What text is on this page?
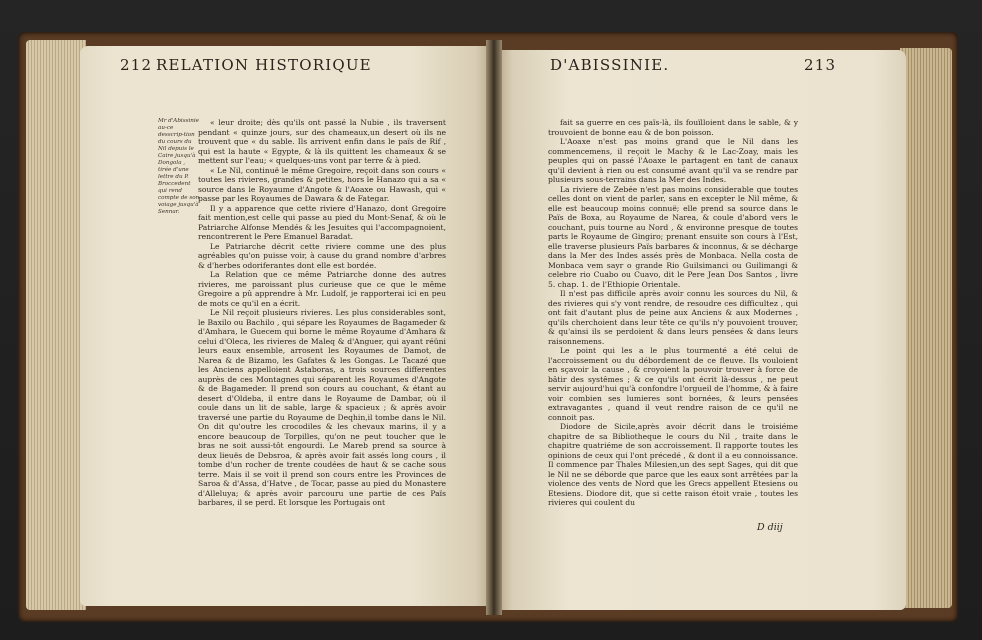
212 RELATION HISTORIQUE	D'ABISSINIE.	213
Mr d'Abissinie au-ce desscrip-tion du cours du Nil depuis le Caire jusqu'à Dongola , tirée d'une lettre du P. Broccedent qui rend compte de son voiage jusqu'à Sennar.

« leur droite; dès qu'ils ont passé la Nubie , ils traversent pendant « quinze jours, sur des chameaux,un desert où ils ne trouvent que « du sable. Ils arrivent enfin dans le païs de Rif , qui est la haute « Egypte, & là ils quittent les chameaux & se mettent sur l'eau; « quelques-uns vont par terre & à pied.

« Le Nil, continuë le même Gregoire, reçoit dans son cours « toutes les rivieres, grandes & petites, hors le Hanazo qui a sa « source dans le Royaume d'Angote & l'Aoaxe ou Hawash, qui « passe par les Royaumes de Dawara & de Fategar.

Il y a apparence que cette riviere d'Hanazo, dont Gregoire fait mention,est celle qui passe au pied du Mont-Senaf, & où le Patriarche Alfonse Mendés & les Jesuites qui l'accompagnoient, rencontrerent le Pere Emanuel Baradat.

Le Patriarche décrit cette riviere comme une des plus agréables qu'on puisse voir, à cause du grand nombre d'arbres & d'herbes odoriferantes dont elle est bordée.

La Relation que ce même Patriarche donne des autres rivieres, me paroissant plus curieuse que ce que le même Gregoire a pû apprendre à Mr. Ludolf, je rapporterai ici en peu de mots ce qu'il en a écrit.

Le Nil reçoit plusieurs rivieres. Les plus considerables sont, le Baxilo ou Bachilo , qui sépare les Royaumes de Bagameder & d'Amhara, le Guecem qui borne le même Royaume d'Amhara & celui d'Oleca, les rivieres de Maleq & d'Anguer, qui ayant réüni leurs eaux ensemble, arrosent les Royaumes de Damot, de Narea & de Bizamo, les Gafates & les Gongas. Le Tacazé que les Anciens appelloient Astaboras, a trois sources differentes auprès de ces Montagnes qui séparent les Royaumes d'Angote & de Bagameder. Il prend son cours au couchant, & étant au desert d'Oldeba, il entre dans le Royaume de Dambar, où il coule dans un lit de sable, large & spacieux ; & après avoir traversé une partie du Royaume de Deqhin,il tombe dans le Nil. On dit qu'outre les crocodiles & les chevaux marins, il y a encore beaucoup de Torpilles, qu'on ne peut toucher que le bras ne soit aussi-tôt engourdi. Le Mareb prend sa source à deux lieuës de Debsroa, & après avoir fait assés long cours , il tombe d'un rocher de trente coudées de haut & se cache sous terre. Mais il se voit il prend son cours entre les Provinces de Saroa & d'Assa, d'Hatve , de Tocar, passe au pied du Monastere d'Alleluya; & après avoir parcouru une partie de ces Païs barbares, il se perd. Et lorsque les Portugais ont

fait sa guerre en ces païs-là, ils fouïlloient dans le sable, & y trouvoient de bonne eau & de bon poisson.

L'Aoaxe n'est pas moins grand que le Nil dans les commencemens, il reçoit le Machy & le Lac-Zoay, mais les peuples qui on passé l'Aoaxe le partagent en tant de canaux qu'il devient à rien ou est consumé avant qu'il va se rendre par plusieurs sous-terrains dans la Mer des Indes.

La riviere de Zebée n'est pas moins considerable que toutes celles dont on vient de parler, sans en excepter le Nil même, & elle est beaucoup moins connuë; elle prend sa source dans le Païs de Boxa, au Royaume de Narea, & coule d'abord vers le couchant, puis tourne au Nord , & environne presque de toutes parts le Royaume de Gingiro; prenant ensuite son cours à l'Est, elle traverse plusieurs Païs barbares & inconnus, & se décharge dans la Mer des Indes assés près de Monbaca. Nella costa de Monbaca vem sayr o grande Rio Guilsimanci ou Guilimangi & celebre rio Cuabo ou Cuavo, dit le Pere Jean Dos Santos , livre 5. chap. 1. de l'Ethiopie Orientale.

Il n'est pas difficile après avoir connu les sources du Nil, & des rivieres qui s'y vont rendre, de resoudre ces difficultez , qui ont fait d'autant plus de peine aux Anciens & aux Modernes , qu'ils cherchoient dans leur tête ce qu'ils n'y pouvoient trouver, & qu'ainsi ils se perdoient & dans leurs pensées & dans leurs raisonnemens.

Le point qui les a le plus tourmenté a été celui de l'accroissement ou du débordement de ce fleuve. Ils vouloient en sçavoir la cause , & croyoient la pouvoir trouver à force de bâtir des systêmes ; & ce qu'ils ont écrit là-dessus , ne peut servir aujourd'hui qu'à confondre l'orgueil de l'homme, & à faire voir combien ses lumieres sont bornées, & leurs pensées extravagantes , quand il veut rendre raison de ce qu'il ne connoit pas.

Diodore de Sicile,après avoir décrit dans le troisiéme chapitre de sa Bibliotheque le cours du Nil , traite dans le chapitre quatriéme de son accroissement. Il rapporte toutes les opinions de ceux qui l'ont précedé , & dont il a eu connoissance. Il commence par Thales Milesien,un des sept Sages, qui dit que le Nil ne se déborde que parce que les eaux sont arrêtées par la violence des vents de Nord que les Grecs appellent Etesiens ou Etesiens. Diodore dit, que si cette raison étoit vraie , toutes les rivieres qui coulent du

D diij
